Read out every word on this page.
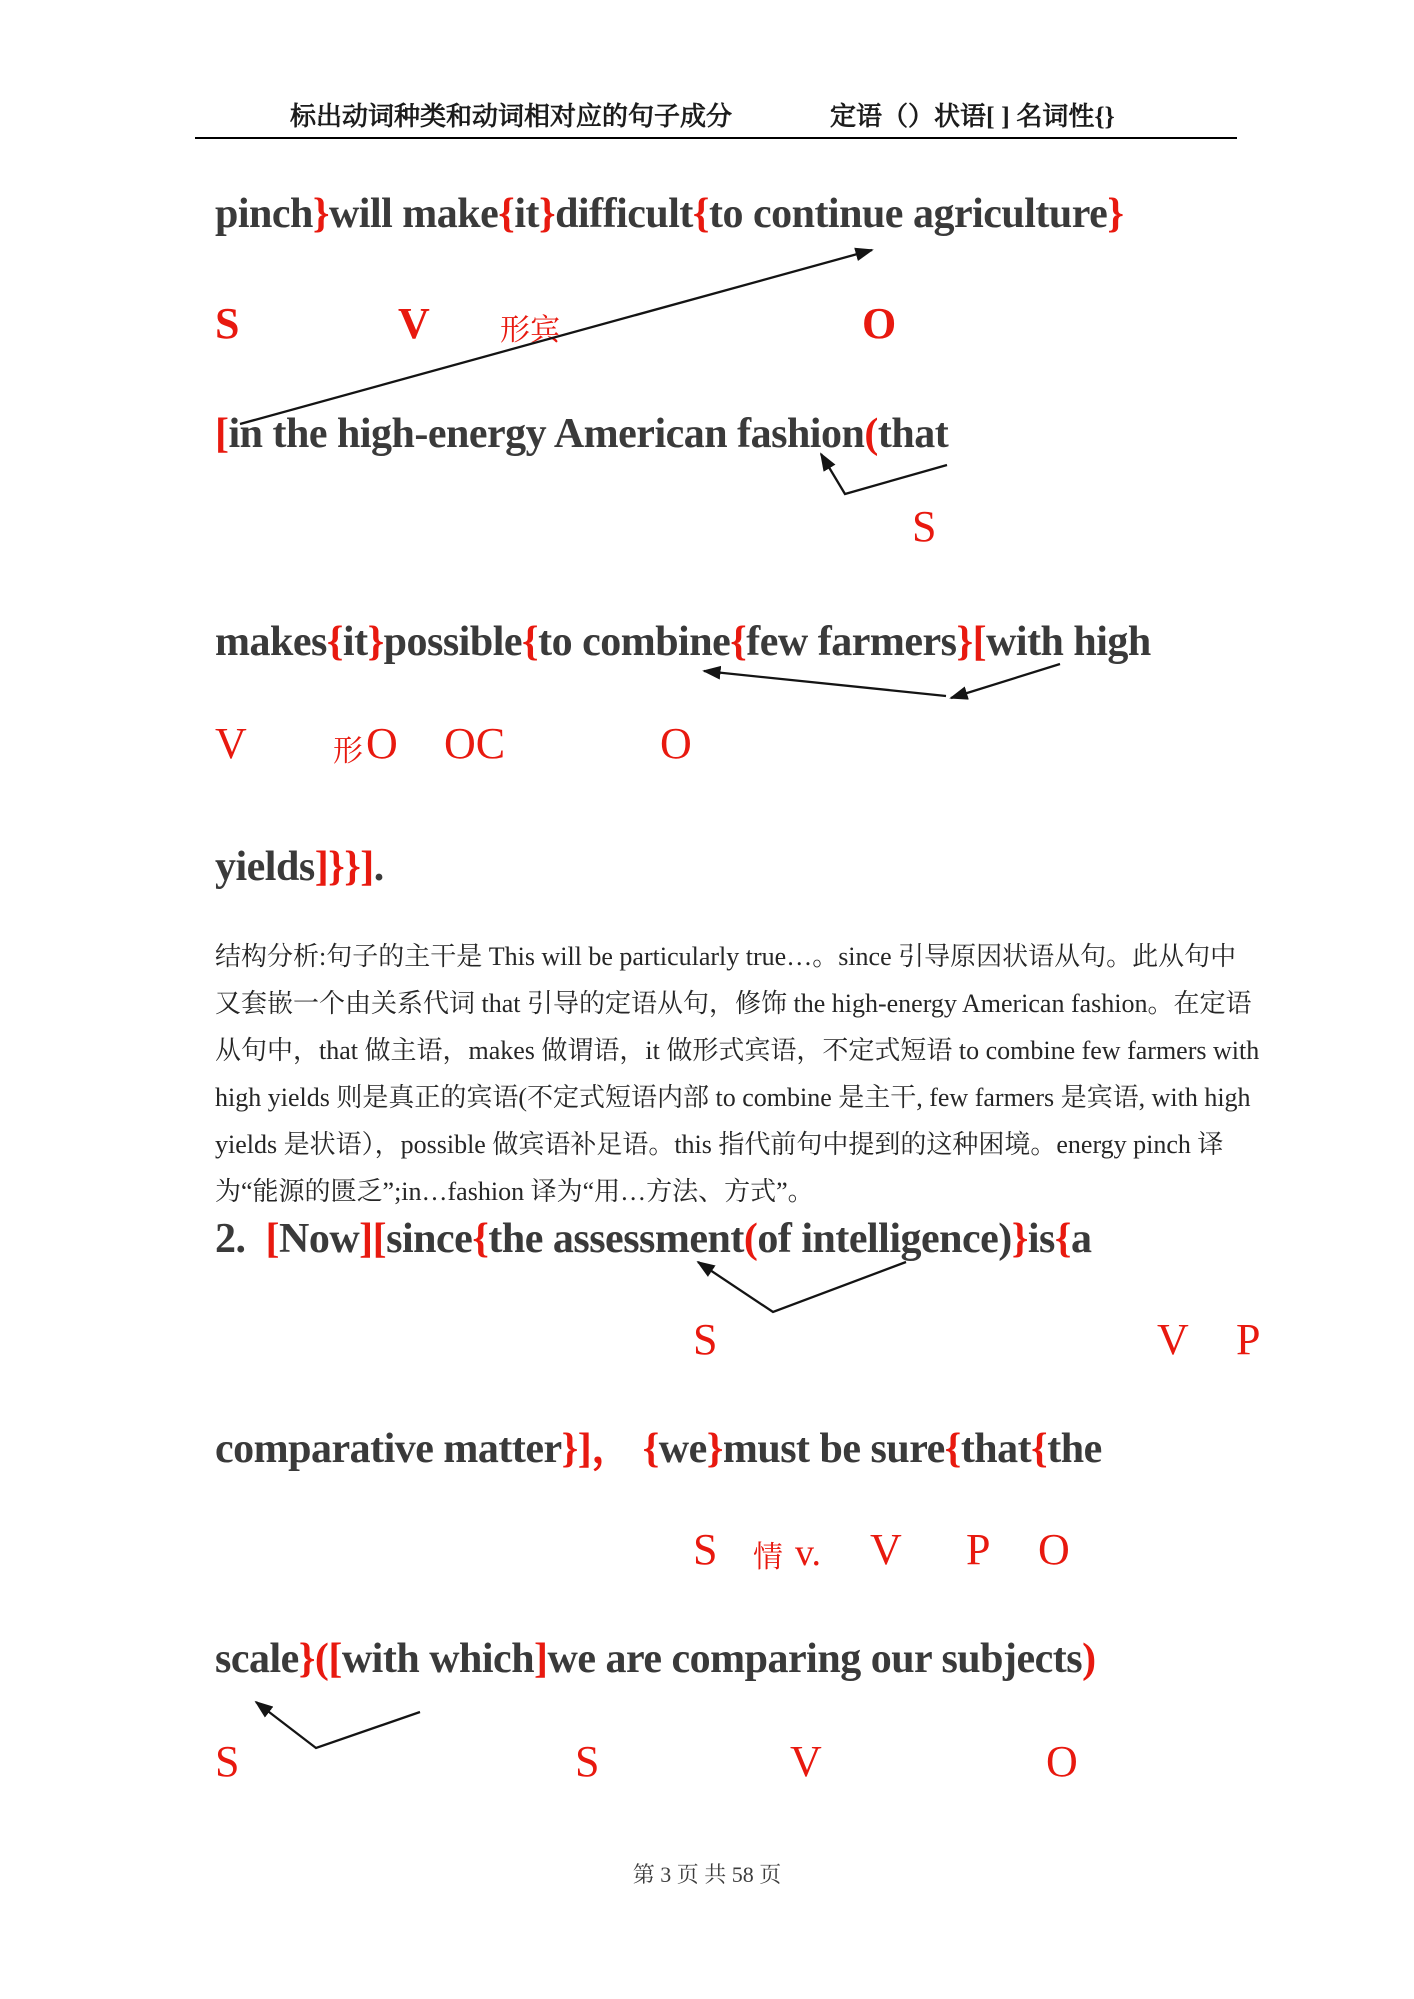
标出动词种类和动词相对应的句子成分	定语（）状语[ ] 名词性{}
pinch}will make{it}difficult{to continue agriculture}
S	V 形宾	O
[in the high-energy American fashion(that
S
makes{it}possible{to combine{few farmers}[with high
V	形 O OC	O
yields]}}].
结构分析:句子的主干是 This will be particularly true…。since 引导原因状语从句。此从句中
又套嵌一个由关系代词 that 引导的定语从句，修饰 the high-energy American fashion。在定语
从句中，that 做主语，makes 做谓语，it 做形式宾语，不定式短语 to combine few farmers with
high yields 则是真正的宾语(不定式短语内部 to combine 是主干, few farmers 是宾语, with high
yields 是状语），possible 做宾语补足语。this 指代前句中提到的这种困境。energy pinch 译
为“能源的匮乏”;in…fashion 译为“用…方法、方式”。
2.  [Now][since{the assessment(of intelligence)}is{a
S	V P
comparative matter}]， {we}must be sure{that{the
S 情 v. V P O
scale}([with which]we are comparing our subjects)
S	S	V	O
第 3 页 共 58 页
